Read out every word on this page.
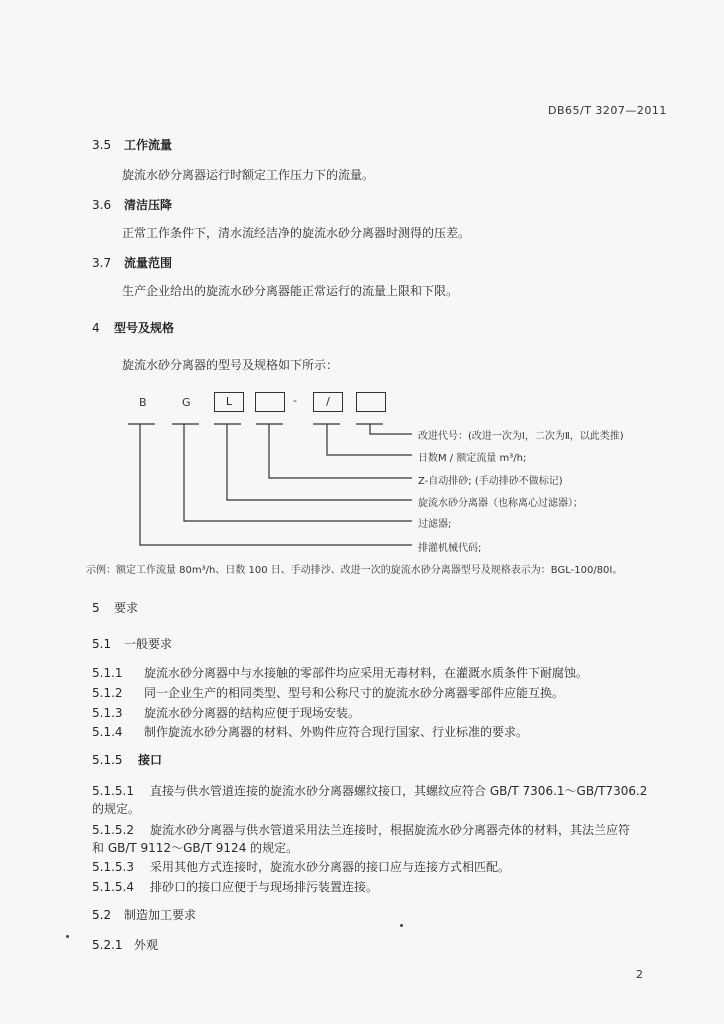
DB65/T 3207—2011
3.5 工作流量
旋流水砂分离器运行时额定工作压力下的流量。
3.6 清洁压降
正常工作条件下，清水流经洁净的旋流水砂分离器时测得的压差。
3.7 流量范围
生产企业给出的旋流水砂分离器能正常运行的流量上限和下限。
4 型号及规格
旋流水砂分离器的型号及规格如下所示：
B	G	L	-	/
改进代号：(改进一次为Ⅰ，二次为Ⅱ，以此类推)
日数M / 额定流量 m³/h;
Z-自动排砂; (手动排砂不做标记)
旋流水砂分离器（也称离心过滤器）；
过滤器;
排灌机械代码;
示例：额定工作流量 80m³/h、日数 100 日、手动排沙、改进一次的旋流水砂分离器型号及规格表示为：BGL-100/80Ⅰ。
5 要求
5.1 一般要求
5.1.1 旋流水砂分离器中与水接触的零部件均应采用无毒材料，在灌溉水质条件下耐腐蚀。
5.1.2 同一企业生产的相同类型、型号和公称尺寸的旋流水砂分离器零部件应能互换。
5.1.3 旋流水砂分离器的结构应便于现场安装。
5.1.4 制作旋流水砂分离器的材料、外购件应符合现行国家、行业标准的要求。
5.1.5 接口
5.1.5.1 直接与供水管道连接的旋流水砂分离器螺纹接口，其螺纹应符合 GB/T 7306.1～GB/T7306.2
的规定。
5.1.5.2 旋流水砂分离器与供水管道采用法兰连接时，根据旋流水砂分离器壳体的材料，其法兰应符
和 GB/T 9112～GB/T 9124 的规定。
5.1.5.3 采用其他方式连接时，旋流水砂分离器的接口应与连接方式相匹配。
5.1.5.4 排砂口的接口应便于与现场排污装置连接。
5.2 制造加工要求
5.2.1 外观
2
